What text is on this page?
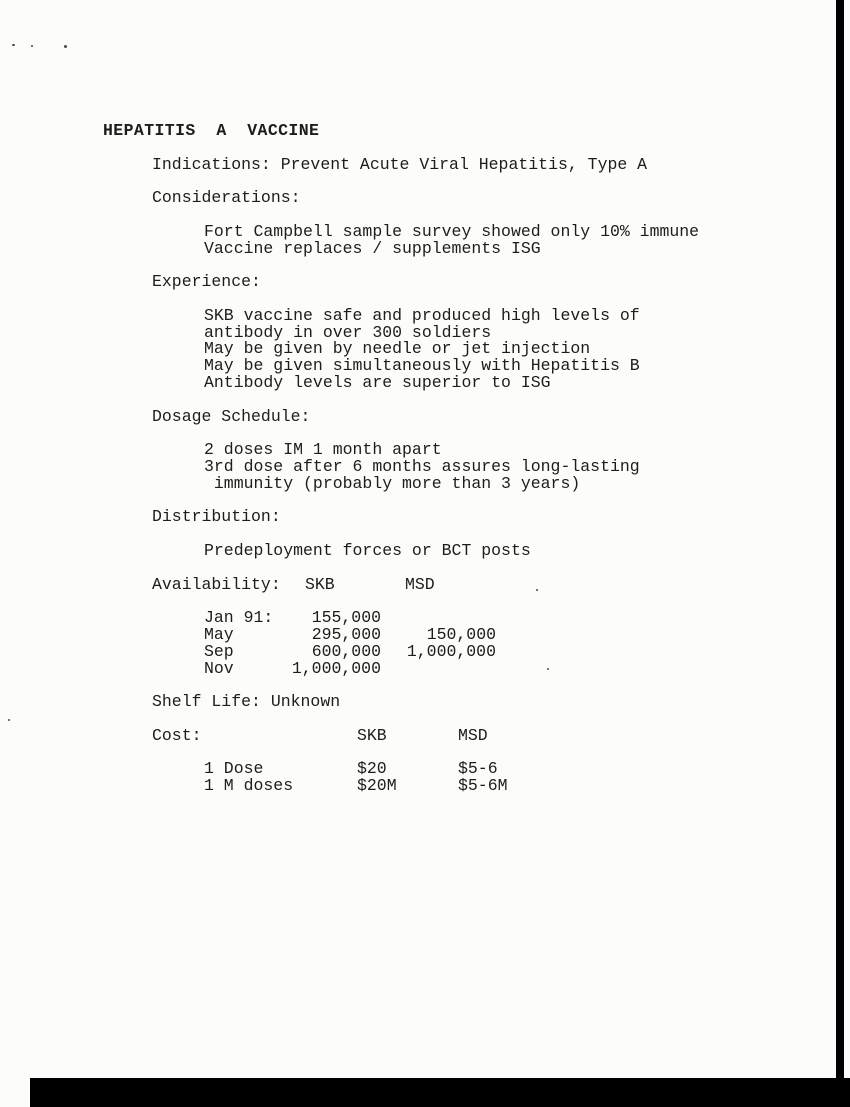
HEPATITIS  A  VACCINE
Indications: Prevent Acute Viral Hepatitis, Type A
Considerations:
Fort Campbell sample survey showed only 10% immune
Vaccine replaces / supplements ISG
Experience:
SKB vaccine safe and produced high levels of
antibody in over 300 soldiers
May be given by needle or jet injection
May be given simultaneously with Hepatitis B
Antibody levels are superior to ISG
Dosage Schedule:
2 doses IM 1 month apart
3rd dose after 6 months assures long-lasting
immunity (probably more than 3 years)
Distribution:
Predeployment forces or BCT posts
Availability:	SKB	MSD
Jan 91:	155,000
May	295,000	150,000
Sep	600,000	1,000,000
Nov	1,000,000
Shelf Life: Unknown
Cost:	SKB	MSD
1 Dose	$20	$5-6
1 M doses	$20M	$5-6M
